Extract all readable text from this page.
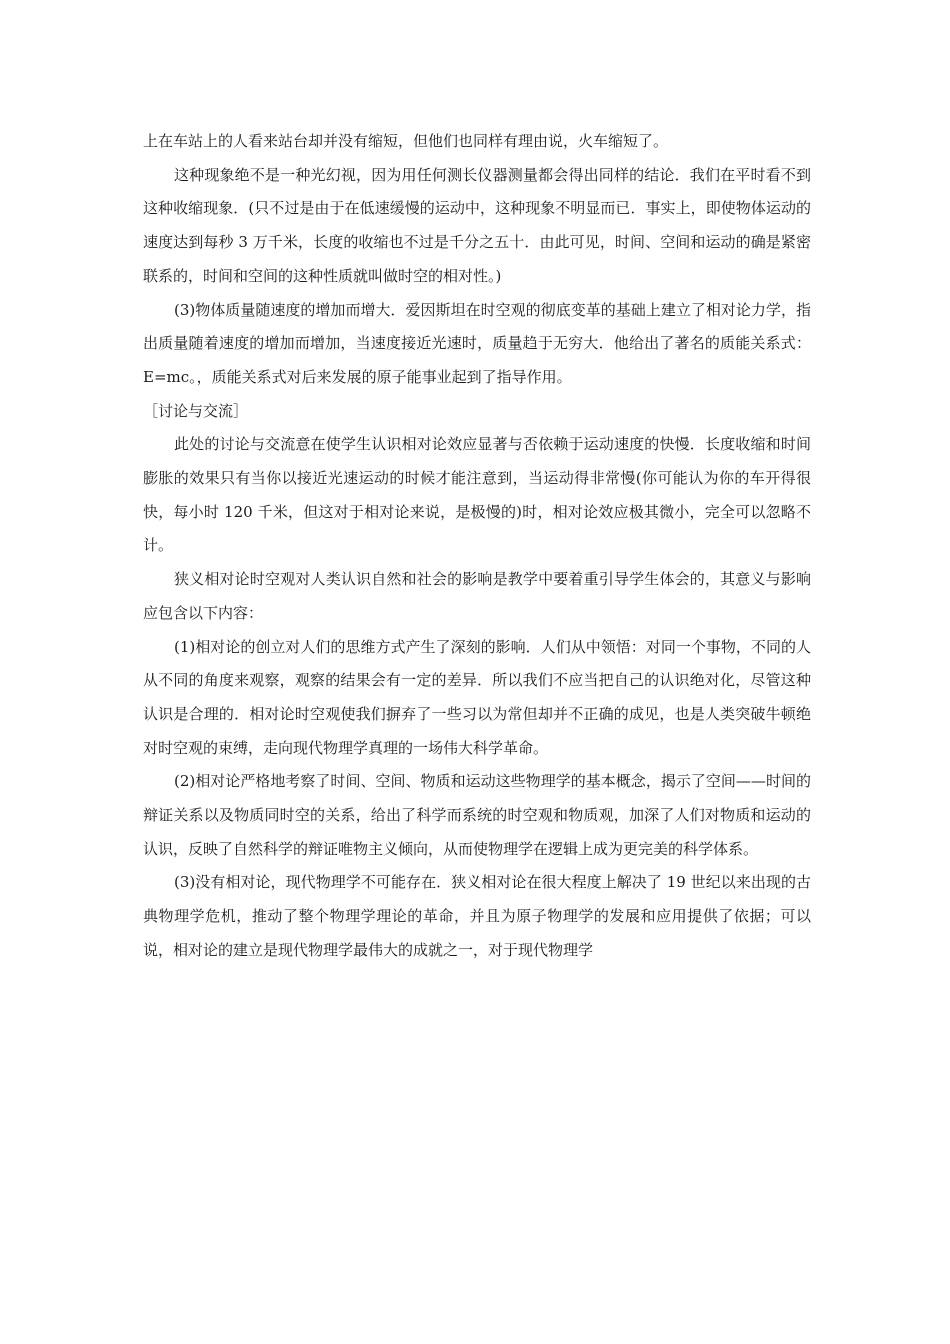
上在车站上的人看来站台却并没有缩短，但他们也同样有理由说，火车缩短了。

这种现象绝不是一种光幻视，因为用任何测长仪器测量都会得出同样的结论．我们在平时看不到这种收缩现象．(只不过是由于在低速缓慢的运动中，这种现象不明显而已．事实上，即使物体运动的速度达到每秒 3 万千米，长度的收缩也不过是千分之五十．由此可见，时间、空间和运动的确是紧密联系的，时间和空间的这种性质就叫做时空的相对性。)

(3)物体质量随速度的增加而增大．爱因斯坦在时空观的彻底变革的基础上建立了相对论力学，指出质量随着速度的增加而增加，当速度接近光速时，质量趋于无穷大．他给出了著名的质能关系式：E=mc。，质能关系式对后来发展的原子能事业起到了指导作用。

［讨论与交流］

此处的讨论与交流意在使学生认识相对论效应显著与否依赖于运动速度的快慢．长度收缩和时间膨胀的效果只有当你以接近光速运动的时候才能注意到，当运动得非常慢(你可能认为你的车开得很快，每小时 120 千米，但这对于相对论来说，是极慢的)时，相对论效应极其微小，完全可以忽略不计。

狭义相对论时空观对人类认识自然和社会的影响是教学中要着重引导学生体会的，其意义与影响应包含以下内容：

(1)相对论的创立对人们的思维方式产生了深刻的影响．人们从中领悟：对同一个事物，不同的人从不同的角度来观察，观察的结果会有一定的差异．所以我们不应当把自己的认识绝对化，尽管这种认识是合理的．相对论时空观使我们摒弃了一些习以为常但却并不正确的成见，也是人类突破牛顿绝对时空观的束缚，走向现代物理学真理的一场伟大科学革命。

(2)相对论严格地考察了时间、空间、物质和运动这些物理学的基本概念，揭示了空间——时间的辩证关系以及物质同时空的关系，给出了科学而系统的时空观和物质观，加深了人们对物质和运动的认识，反映了自然科学的辩证唯物主义倾向，从而使物理学在逻辑上成为更完美的科学体系。

(3)没有相对论，现代物理学不可能存在．狭义相对论在很大程度上解决了 19 世纪以来出现的古典物理学危机，推动了整个物理学理论的革命，并且为原子物理学的发展和应用提供了依据；可以说，相对论的建立是现代物理学最伟大的成就之一，对于现代物理学
